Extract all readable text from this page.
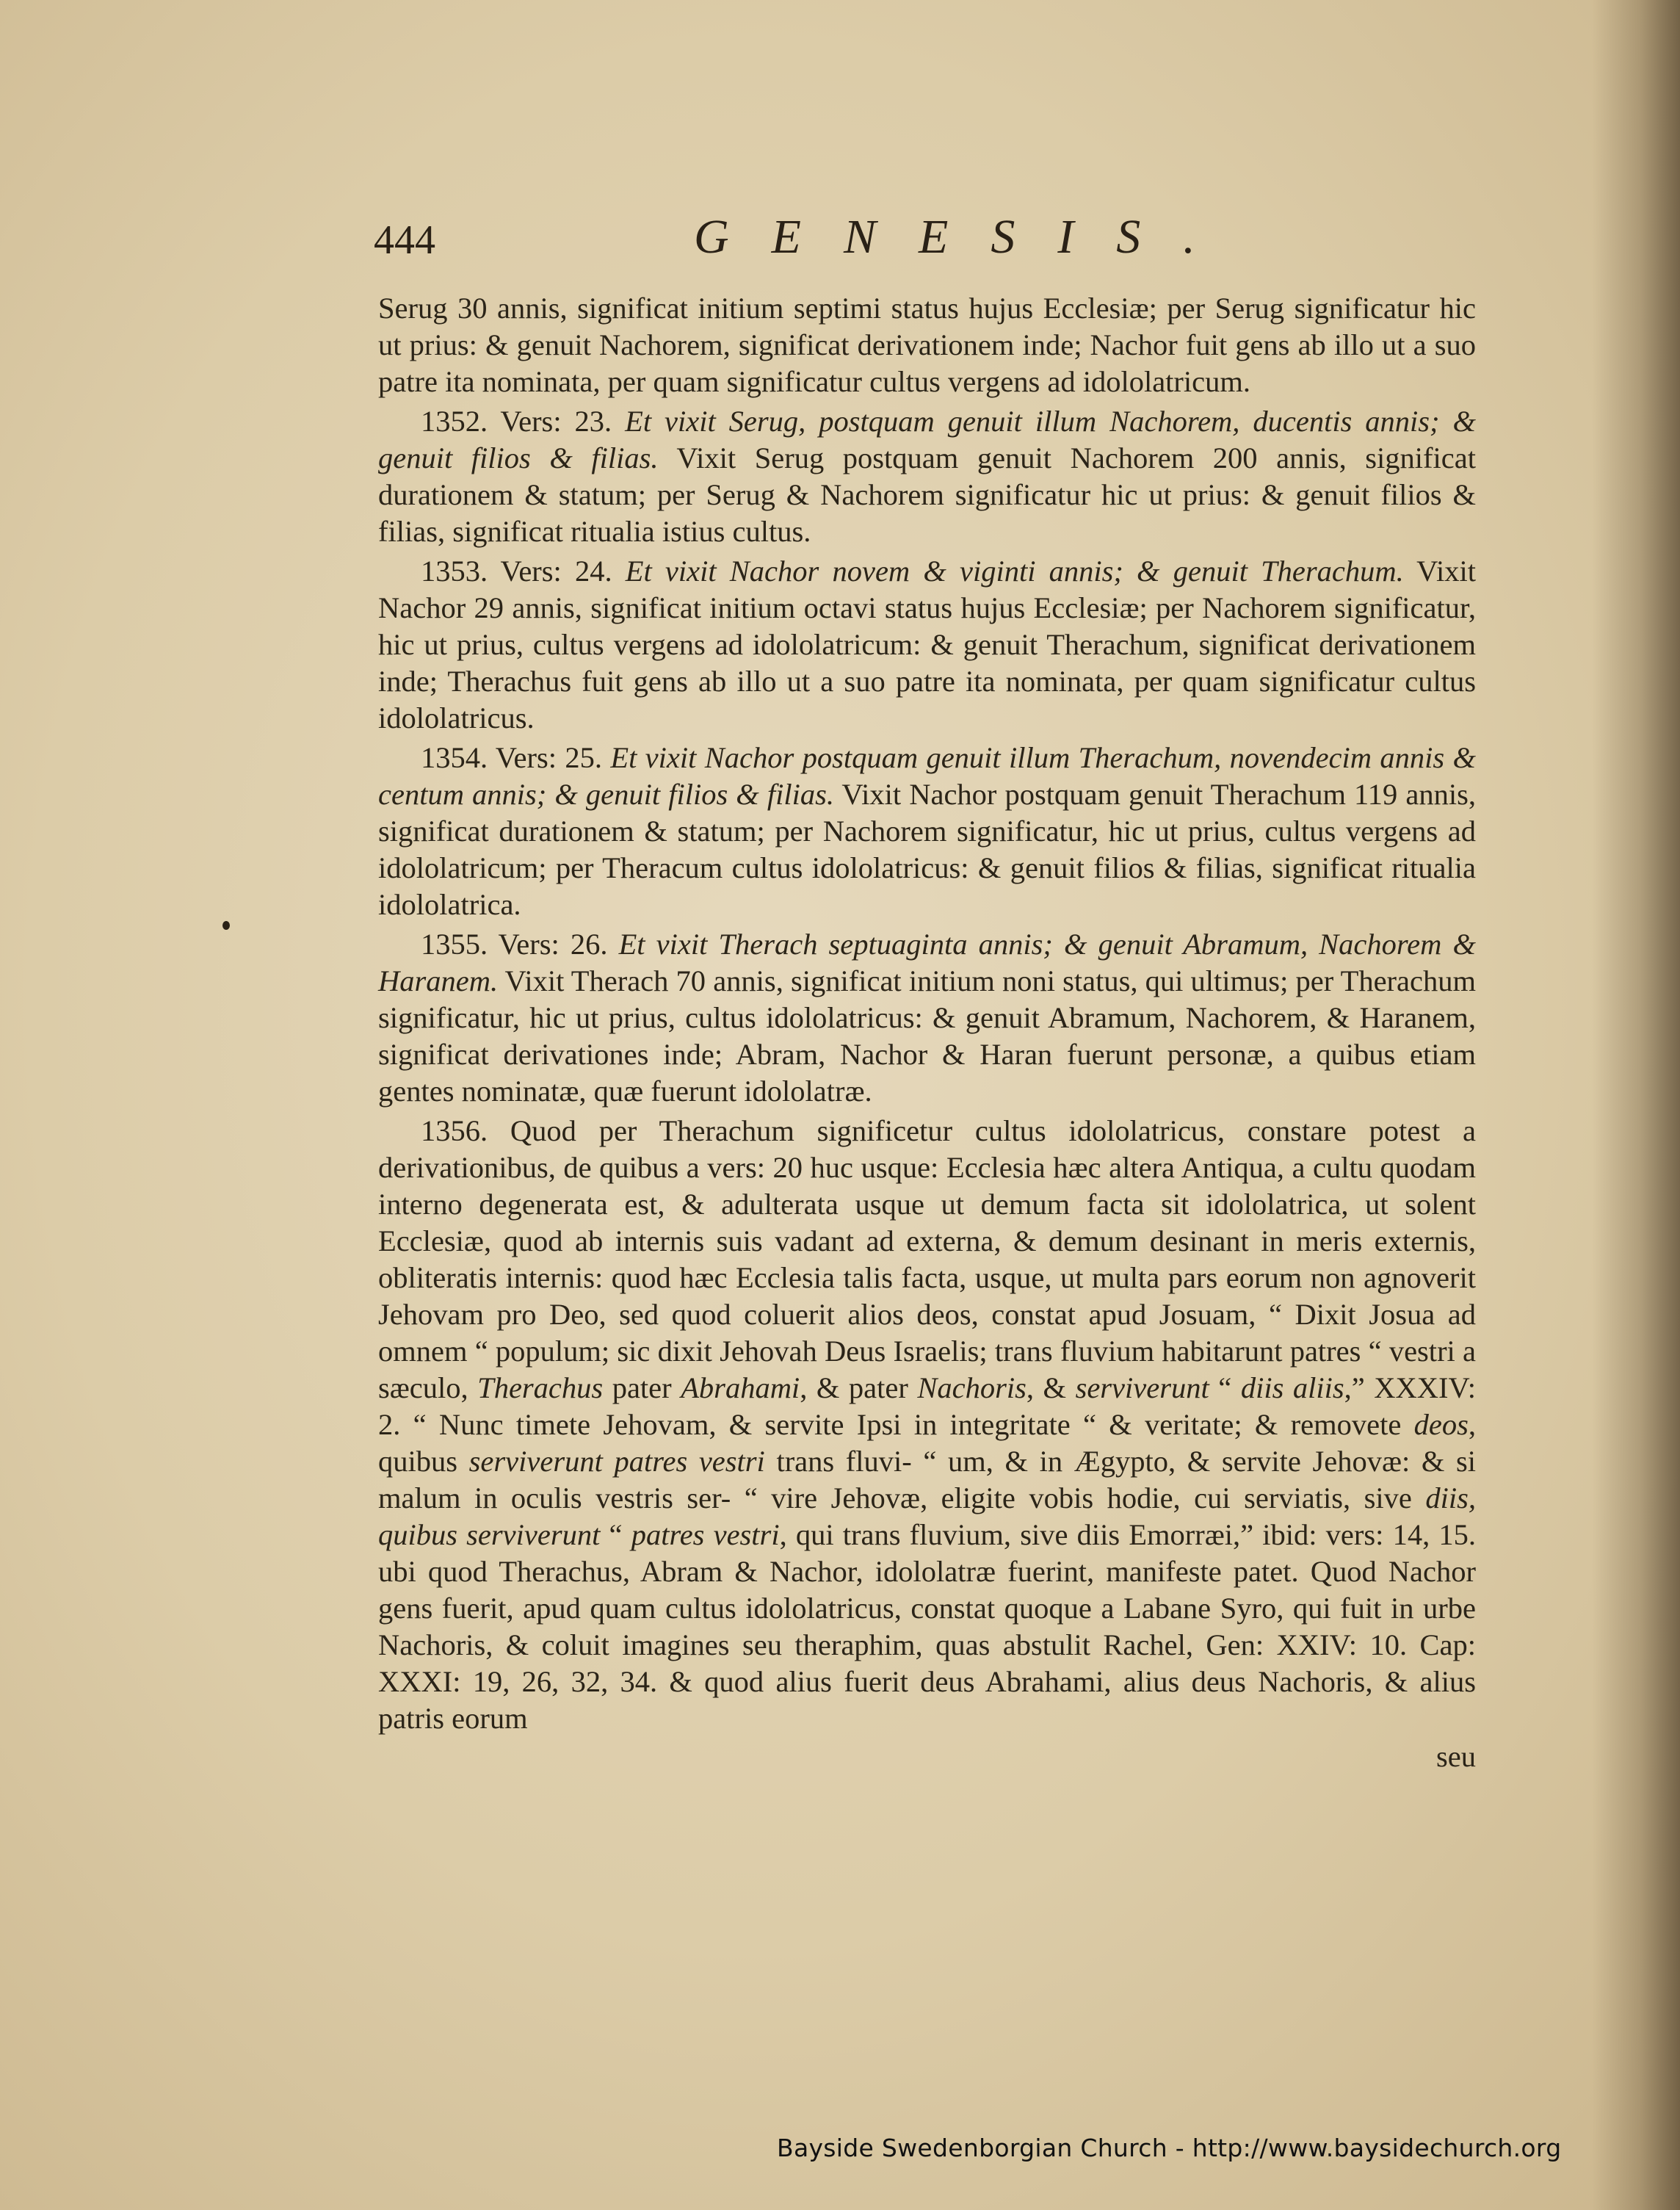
444	GENESIS.

Serug 30 annis, significat initium septimi status hujus Ecclesiæ; per Serug significatur hic ut prius: & genuit Nachorem, significat derivationem inde; Nachor fuit gens ab illo ut a suo patre ita nominata, per quam significatur cultus vergens ad idololatricum.

1352. Vers: 23. Et vixit Serug, postquam genuit illum Nachorem, ducentis annis; & genuit filios & filias. Vixit Serug postquam genuit Nachorem 200 annis, significat durationem & statum; per Serug & Nachorem significatur hic ut prius: & genuit filios & filias, significat ritualia istius cultus.

1353. Vers: 24. Et vixit Nachor novem & viginti annis; & genuit Therachum. Vixit Nachor 29 annis, significat initium octavi status hujus Ecclesiæ; per Nachorem significatur, hic ut prius, cultus vergens ad idololatricum: & genuit Therachum, significat derivationem inde; Therachus fuit gens ab illo ut a suo patre ita nominata, per quam significatur cultus idololatricus.

1354. Vers: 25. Et vixit Nachor postquam genuit illum Therachum, novendecim annis & centum annis; & genuit filios & filias. Vixit Nachor postquam genuit Therachum 119 annis, significat durationem & statum; per Nachorem significatur, hic ut prius, cultus vergens ad idololatricum; per Theracum cultus idololatricus: & genuit filios & filias, significat ritualia idololatrica.

1355. Vers: 26. Et vixit Therach septuaginta annis; & genuit Abramum, Nachorem & Haranem. Vixit Therach 70 annis, significat initium noni status, qui ultimus; per Therachum significatur, hic ut prius, cultus idololatricus: & genuit Abramum, Nachorem, & Haranem, significat derivationes inde; Abram, Nachor & Haran fuerunt personæ, a quibus etiam gentes nominatæ, quæ fuerunt idololatræ.

1356. Quod per Therachum significetur cultus idololatricus, constare potest a derivationibus, de quibus a vers: 20 huc usque: Ecclesia hæc altera Antiqua, a cultu quodam interno degenerata est, & adulterata usque ut demum facta sit idololatrica, ut solent Ecclesiæ, quod ab internis suis vadant ad externa, & demum desinant in meris externis, obliteratis internis: quod hæc Ecclesia talis facta, usque, ut multa pars eorum non agnoverit Jehovam pro Deo, sed quod coluerit alios deos, constat apud Josuam, “ Dixit Josua ad omnem “ populum; sic dixit Jehovah Deus Israelis; trans fluvium habitarunt patres “ vestri a sæculo, Therachus pater Abrahami, & pater Nachoris, & serviverunt “ diis aliis,” XXXIV: 2. “ Nunc timete Jehovam, & servite Ipsi in integritate “ & veritate; & removete deos, quibus serviverunt patres vestri trans fluvi- “ um, & in Ægypto, & servite Jehovæ: & si malum in oculis vestris ser- “ vire Jehovæ, eligite vobis hodie, cui serviatis, sive diis, quibus serviverunt “ patres vestri, qui trans fluvium, sive diis Emorræi,” ibid: vers: 14, 15. ubi quod Therachus, Abram & Nachor, idololatræ fuerint, manifeste patet. Quod Nachor gens fuerit, apud quam cultus idololatricus, constat quoque a Labane Syro, qui fuit in urbe Nachoris, & coluit imagines seu theraphim, quas abstulit Rachel, Gen: XXIV: 10. Cap: XXXI: 19, 26, 32, 34. & quod alius fuerit deus Abrahami, alius deus Nachoris, & alius patris eorum

seu

Bayside Swedenborgian Church - http://www.baysidechurch.org
